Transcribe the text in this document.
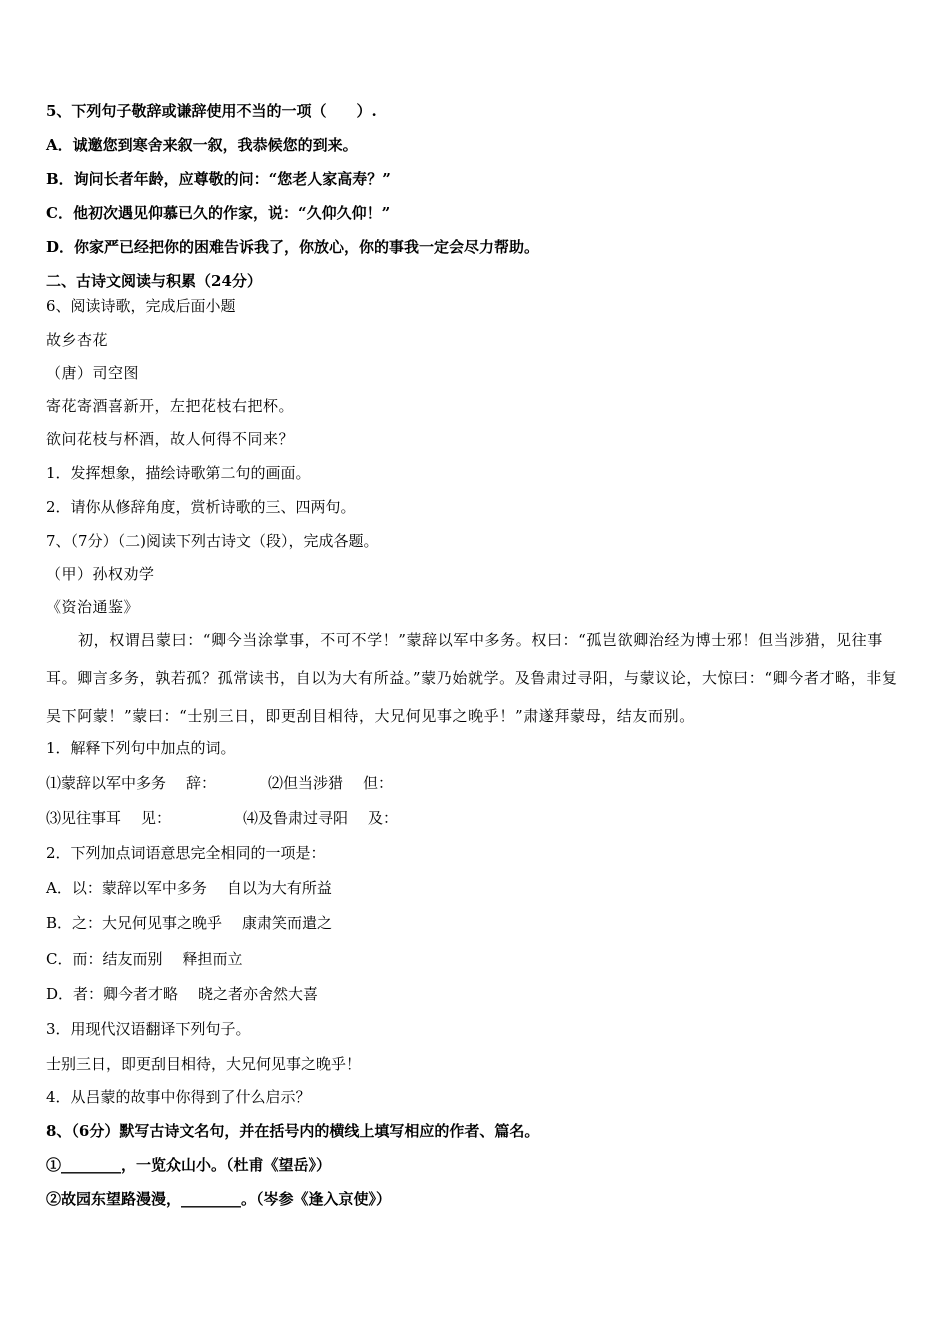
5、下列句子敬辞或谦辞使用不当的一项（　　）.
A．诚邀您到寒舍来叙一叙，我恭候您的到来。
B．询问长者年龄，应尊敬的问：“您老人家高寿？”
C．他初次遇见仰慕已久的作家，说：“久仰久仰！”
D．你家严已经把你的困难告诉我了，你放心，你的事我一定会尽力帮助。
二、古诗文阅读与积累（24分）
6、阅读诗歌，完成后面小题
故乡杏花
（唐）司空图
寄花寄酒喜新开，左把花枝右把杯。
欲问花枝与杯酒，故人何得不同来？
1．发挥想象，描绘诗歌第二句的画面。
2．请你从修辞角度，赏析诗歌的三、四两句。
7、（7分）（二)阅读下列古诗文（段），完成各题。
（甲）孙权劝学
《资治通鉴》
初，权谓吕蒙曰：“卿今当涂掌事，不可不学！”蒙辞以军中多务。权曰：“孤岂欲卿治经为博士邪！但当涉猎，见往事耳。卿言多务，孰若孤？孤常读书，自以为大有所益。”蒙乃始就学。及鲁肃过寻阳，与蒙议论，大惊曰：“卿今者才略，非复吴下阿蒙！”蒙曰：“士别三日，即更刮目相待，大兄何见事之晚乎！”肃遂拜蒙母，结友而别。
1．解释下列句中加点的词。
⑴蒙辞以军中多务 辞：	⑵但当涉猎 但：
⑶见往事耳 见：	⑷及鲁肃过寻阳 及：
2．下列加点词语意思完全相同的一项是：
A．以：蒙辞以军中多务 自以为大有所益
B．之：大兄何见事之晚乎 康肃笑而遣之
C．而：结友而别 释担而立
D．者：卿今者才略 晓之者亦舍然大喜
3．用现代汉语翻译下列句子。
士别三日，即更刮目相待，大兄何见事之晚乎！
4．从吕蒙的故事中你得到了什么启示？
8、（6分）默写古诗文名句，并在括号内的横线上填写相应的作者、篇名。
①________，一览众山小。（杜甫《望岳》）
②故园东望路漫漫，________。（岑参《逢入京使》）
